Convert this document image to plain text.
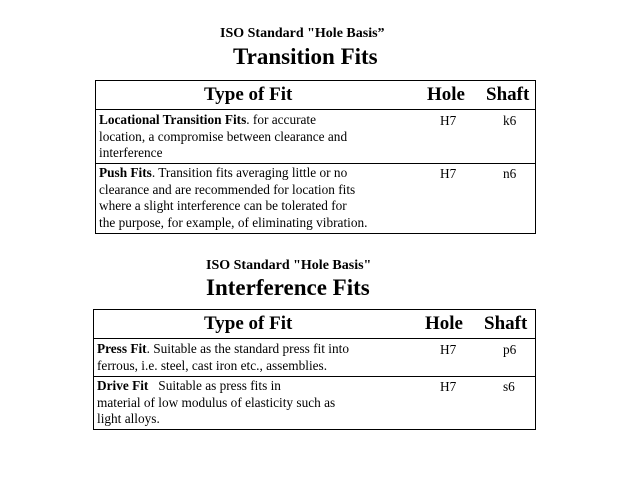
ISO Standard "Hole Basis”
Transition Fits
Type of Fit	Hole Shaft
Locational Transition Fits. for accurate
location, a compromise between clearance and
interference
H7	k6
Push Fits. Transition fits averaging little or no
clearance and are recommended for location fits
where a slight interference can be tolerated for
the purpose, for example, of eliminating vibration.
H7	n6
ISO Standard "Hole Basis"
Interference Fits
Type of Fit	Hole Shaft
Press Fit. Suitable as the standard press fit into
ferrous, i.e. steel, cast iron etc., assemblies.
H7	p6
Drive Fit   Suitable as press fits in
material of low modulus of elasticity such as
light alloys.
H7	s6
